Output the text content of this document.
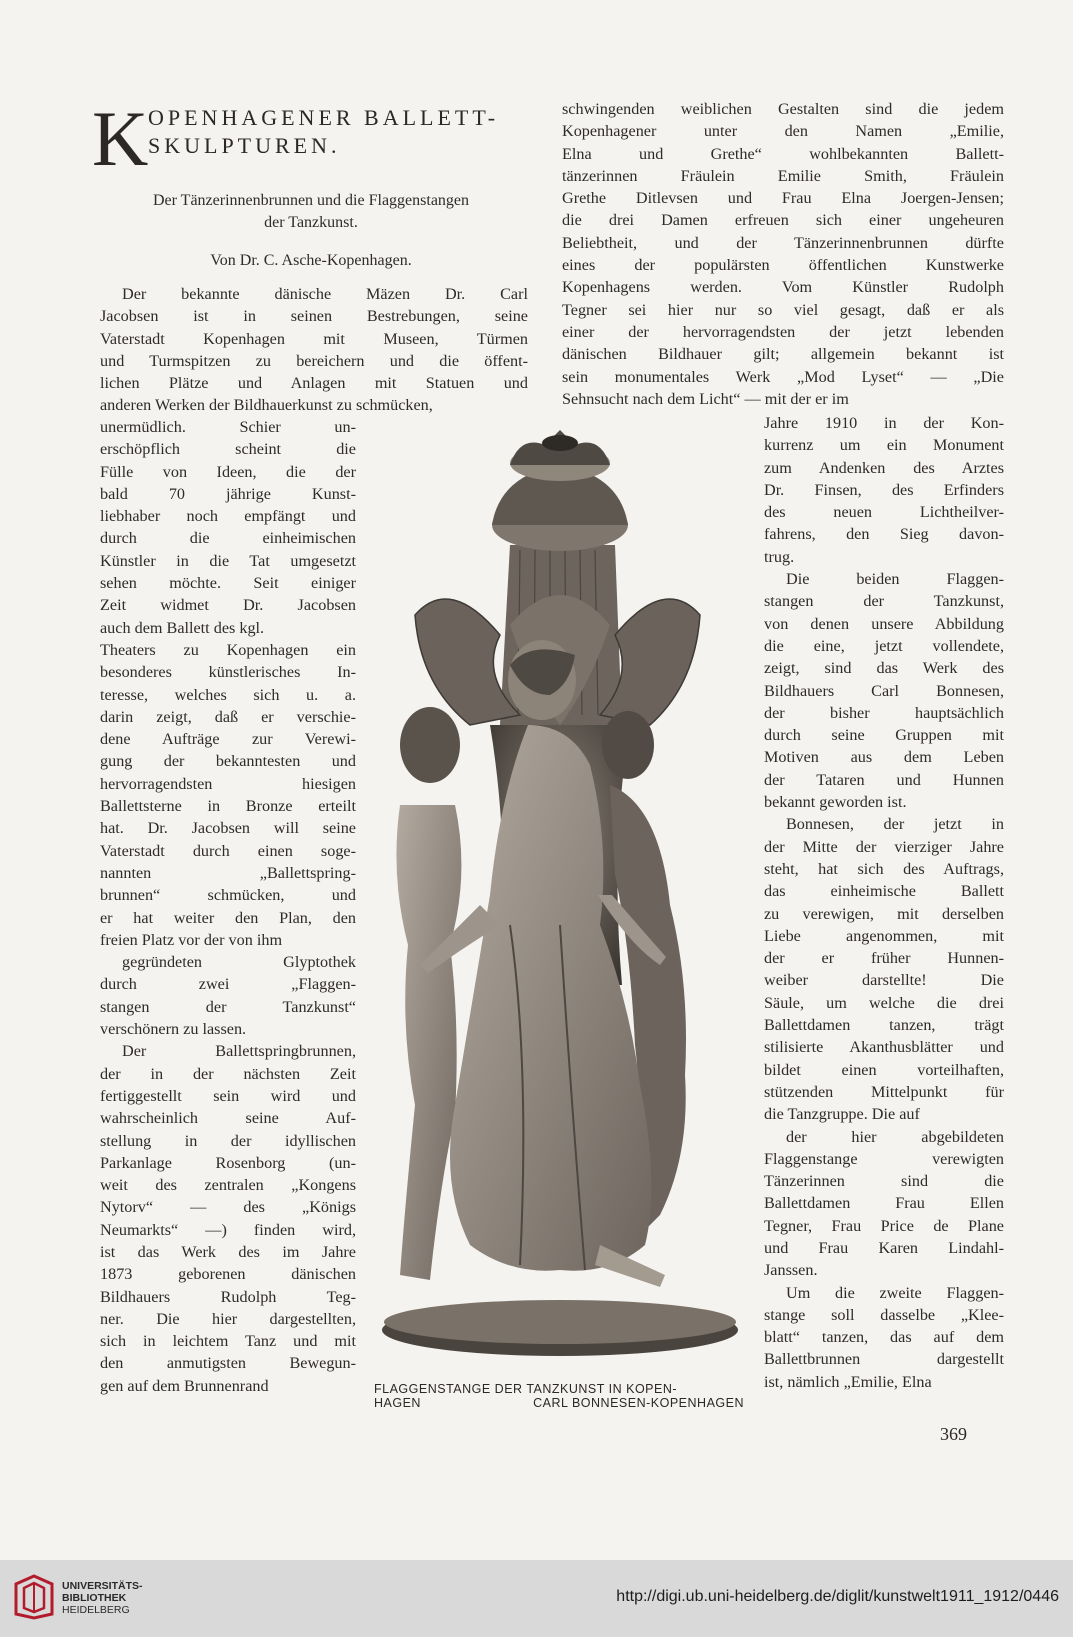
K OPENHAGENER BALLETT-
SKULPTUREN.
Der Tänzerinnenbrunnen und die Flaggenstangen
der Tanzkunst.
Von Dr. C. Asche-Kopenhagen.
Der bekannte dänische Mäzen Dr. Carl
Jacobsen ist in seinen Bestrebungen, seine
Vaterstadt Kopenhagen mit Museen, Türmen
und Turmspitzen zu bereichern und die öffent-
lichen Plätze und Anlagen mit Statuen und
anderen Werken der Bildhauerkunst zu schmücken,
unermüdlich. Schier un-
erschöpflich scheint die
Fülle von Ideen, die der
bald 70 jährige Kunst-
liebhaber noch empfängt und
durch die einheimischen
Künstler in die Tat umgesetzt
sehen möchte. Seit einiger
Zeit widmet Dr. Jacobsen
auch dem Ballett des kgl.
Theaters zu Kopenhagen ein
besonderes künstlerisches In-
teresse, welches sich u. a.
darin zeigt, daß er verschie-
dene Aufträge zur Verewi-
gung der bekanntesten und
hervorragendsten hiesigen
Ballettsterne in Bronze erteilt
hat. Dr. Jacobsen will seine
Vaterstadt durch einen soge-
nannten „Ballettspring-
brunnen“ schmücken, und
er hat weiter den Plan, den
freien Platz vor der von ihm
gegründeten Glyptothek
durch zwei „Flaggen-
stangen der Tanzkunst“
verschönern zu lassen.
Der Ballettspringbrunnen,
der in der nächsten Zeit
fertiggestellt sein wird und
wahrscheinlich seine Auf-
stellung in der idyllischen
Parkanlage Rosenborg (un-
weit des zentralen „Kongens
Nytorv“ — des „Königs
Neumarkts“ —) finden wird,
ist das Werk des im Jahre
1873 geborenen dänischen
Bildhauers Rudolph Teg-
ner. Die hier dargestellten,
sich in leichtem Tanz und mit
den anmutigsten Bewegun-
gen auf dem Brunnenrand
schwingenden weiblichen Gestalten sind die jedem
Kopenhagener unter den Namen „Emilie,
Elna und Grethe“ wohlbekannten Ballett-
tänzerinnen Fräulein Emilie Smith, Fräulein
Grethe Ditlevsen und Frau Elna Joergen-Jensen;
die drei Damen erfreuen sich einer ungeheuren
Beliebtheit, und der Tänzerinnenbrunnen dürfte
eines der populärsten öffentlichen Kunstwerke
Kopenhagens werden. Vom Künstler Rudolph
Tegner sei hier nur so viel gesagt, daß er als
einer der hervorragendsten der jetzt lebenden
dänischen Bildhauer gilt; allgemein bekannt ist
sein monumentales Werk „Mod Lyset“ — „Die
Sehnsucht nach dem Licht“ — mit der er im
Jahre 1910 in der Kon-
kurrenz um ein Monument
zum Andenken des Arztes
Dr. Finsen, des Erfinders
des neuen Lichtheilver-
fahrens, den Sieg davon-
trug.
Die beiden Flaggen-
stangen der Tanzkunst,
von denen unsere Abbildung
die eine, jetzt vollendete,
zeigt, sind das Werk des
Bildhauers Carl Bonnesen,
der bisher hauptsächlich
durch seine Gruppen mit
Motiven aus dem Leben
der Tataren und Hunnen
bekannt geworden ist.
Bonnesen, der jetzt in
der Mitte der vierziger Jahre
steht, hat sich des Auftrags,
das einheimische Ballett
zu verewigen, mit derselben
Liebe angenommen, mit
der er früher Hunnen-
weiber darstellte! Die
Säule, um welche die drei
Ballettdamen tanzen, trägt
stilisierte Akanthusblätter und
bildet einen vorteilhaften,
stützenden Mittelpunkt für
die Tanzgruppe. Die auf
der hier abgebildeten
Flaggenstange verewigten
Tänzerinnen sind die
Ballettdamen Frau Ellen
Tegner, Frau Price de Plane
und Frau Karen Lindahl-
Janssen.
Um die zweite Flaggen-
stange soll dasselbe „Klee-
blatt“ tanzen, das auf dem
Ballettbrunnen dargestellt
ist, nämlich „Emilie, Elna
FLAGGENSTANGE DER TANZKUNST IN KOPEN-
HAGEN	CARL BONNESEN-KOPENHAGEN
369
UNIVERSITÄTS-
BIBLIOTHEK
HEIDELBERG
http://digi.ub.uni-heidelberg.de/diglit/kunstwelt1911_1912/0446
